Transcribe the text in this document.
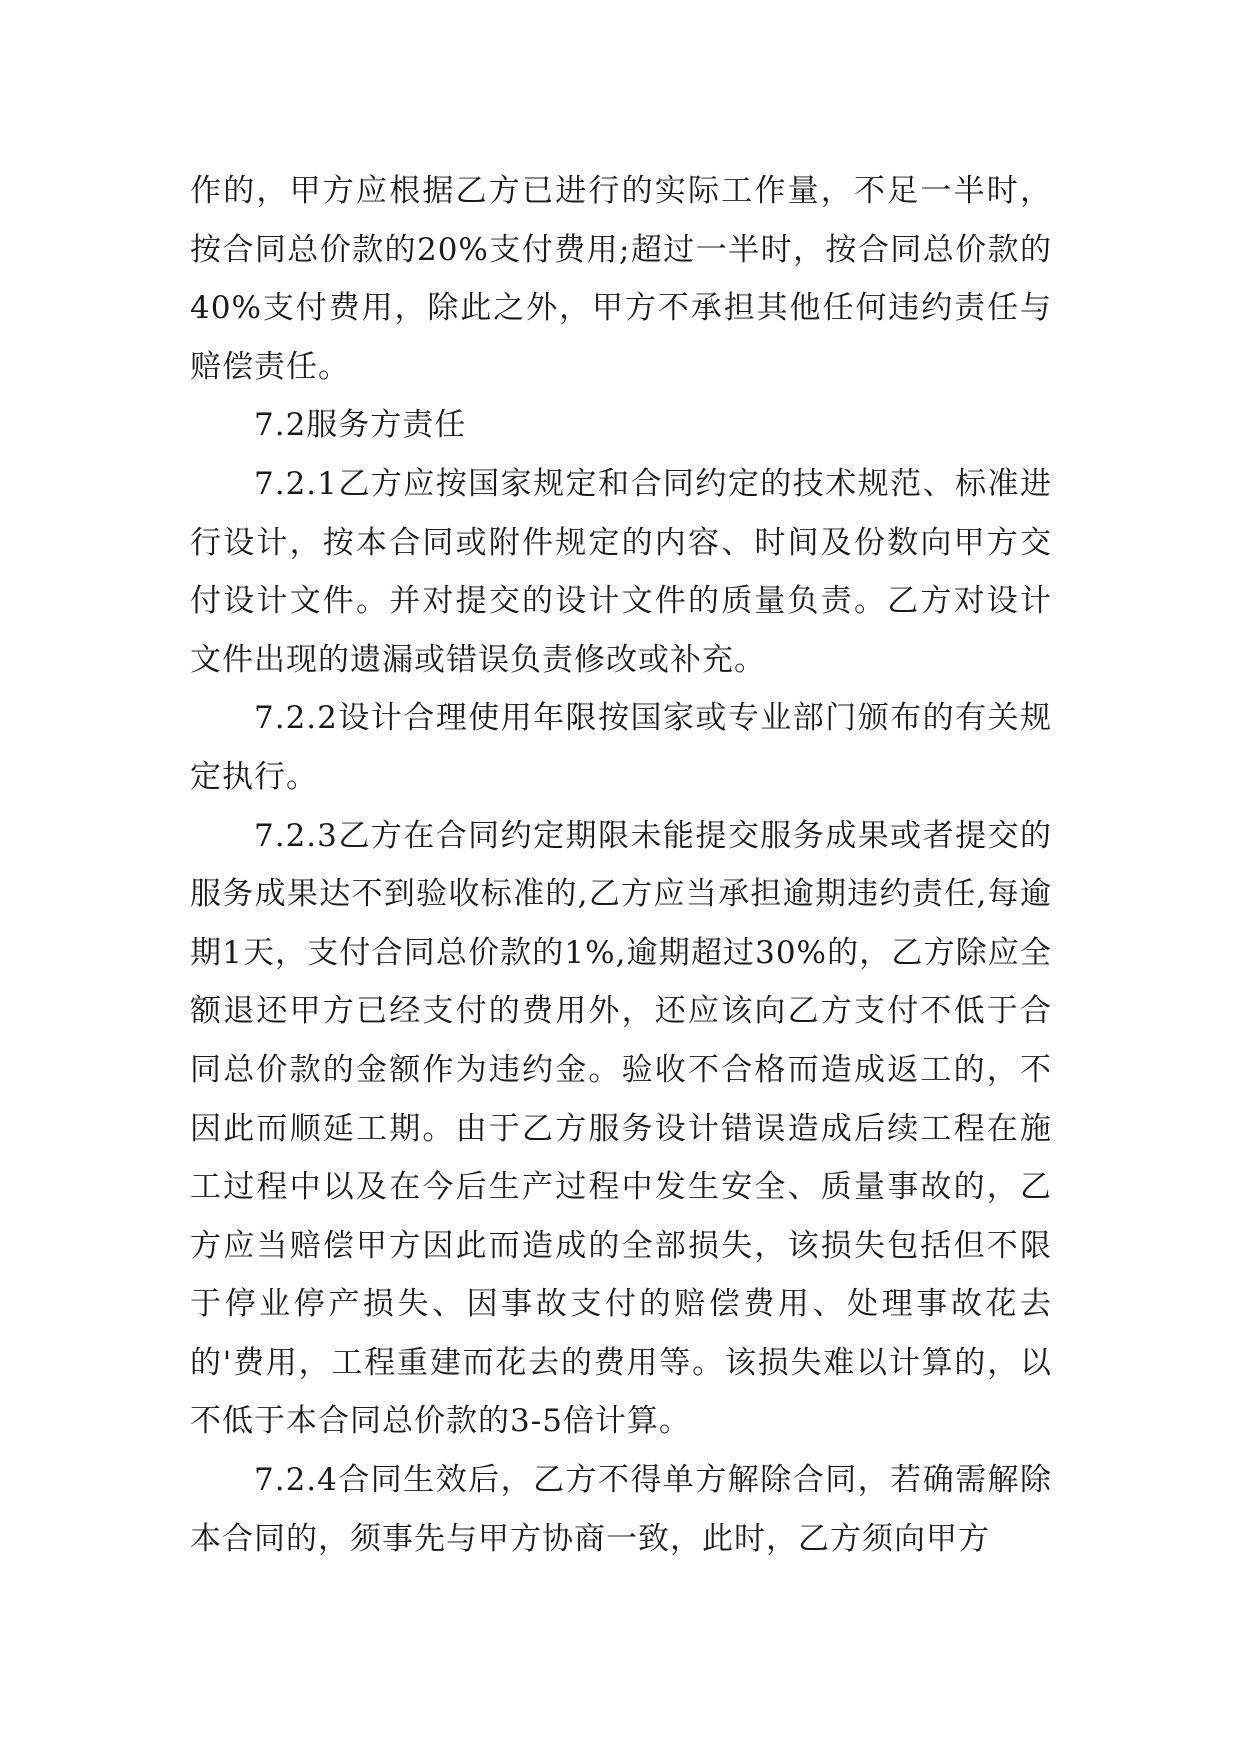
作的，甲方应根据乙方已进行的实际工作量，不足一半时，按合同总价款的20%支付费用;超过一半时，按合同总价款的40%支付费用，除此之外，甲方不承担其他任何违约责任与赔偿责任。

7.2服务方责任

7.2.1乙方应按国家规定和合同约定的技术规范、标准进行设计，按本合同或附件规定的内容、时间及份数向甲方交付设计文件。并对提交的设计文件的质量负责。乙方对设计文件出现的遗漏或错误负责修改或补充。

7.2.2设计合理使用年限按国家或专业部门颁布的有关规定执行。

7.2.3乙方在合同约定期限未能提交服务成果或者提交的服务成果达不到验收标准的,乙方应当承担逾期违约责任,每逾期1天，支付合同总价款的1%,逾期超过30%的，乙方除应全额退还甲方已经支付的费用外，还应该向乙方支付不低于合同总价款的金额作为违约金。验收不合格而造成返工的，不因此而顺延工期。由于乙方服务设计错误造成后续工程在施工过程中以及在今后生产过程中发生安全、质量事故的，乙方应当赔偿甲方因此而造成的全部损失，该损失包括但不限于停业停产损失、因事故支付的赔偿费用、处理事故花去的'费用，工程重建而花去的费用等。该损失难以计算的，以不低于本合同总价款的3-5倍计算。

7.2.4合同生效后，乙方不得单方解除合同，若确需解除本合同的，须事先与甲方协商一致，此时，乙方须向甲方
